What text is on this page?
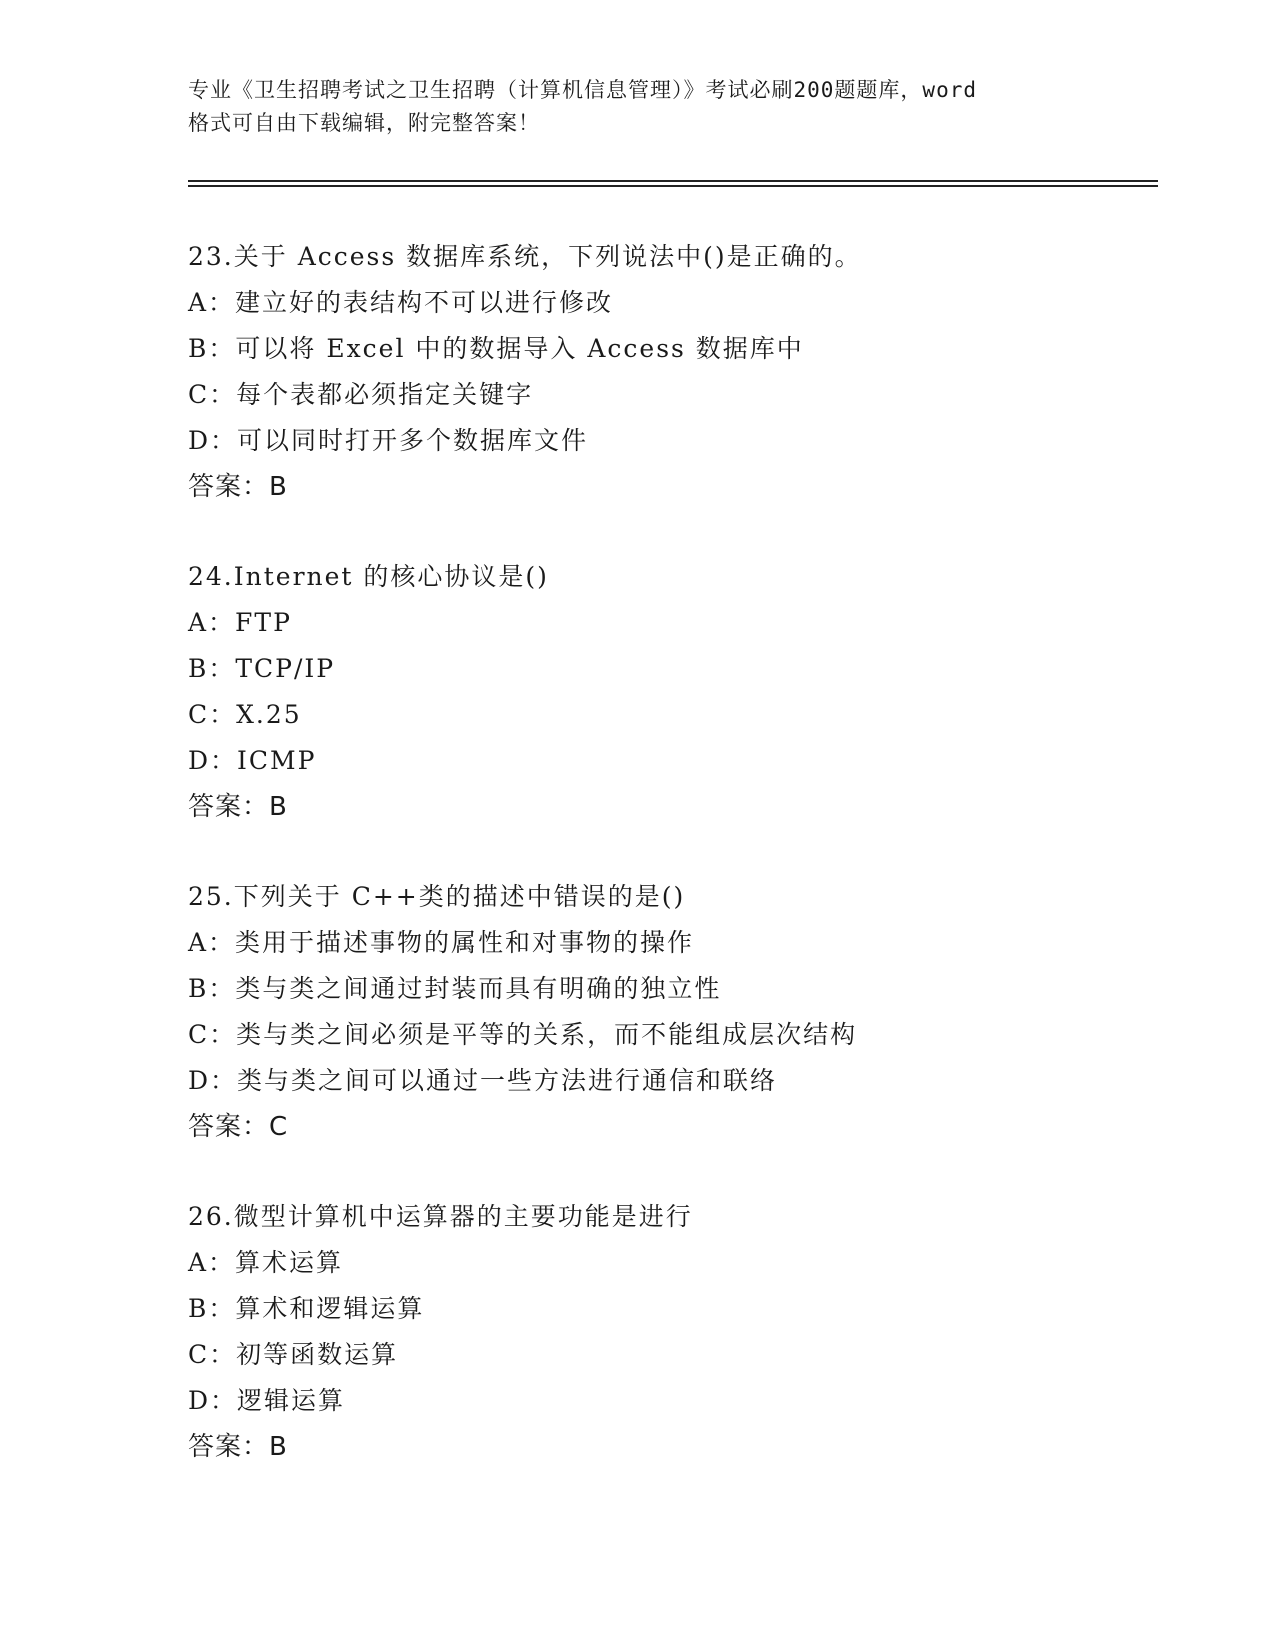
专业《卫生招聘考试之卫生招聘（计算机信息管理）》考试必刷200题题库，word
格式可自由下载编辑，附完整答案！
23.关于 Access 数据库系统，下列说法中()是正确的。
A：建立好的表结构不可以进行修改
B：可以将 Excel 中的数据导入 Access 数据库中
C：每个表都必须指定关键字
D：可以同时打开多个数据库文件
答案：B
24.Internet 的核心协议是()
A：FTP
B：TCP/IP
C：X.25
D：ICMP
答案：B
25.下列关于 C++类的描述中错误的是()
A：类用于描述事物的属性和对事物的操作
B：类与类之间通过封装而具有明确的独立性
C：类与类之间必须是平等的关系，而不能组成层次结构
D：类与类之间可以通过一些方法进行通信和联络
答案：C
26.微型计算机中运算器的主要功能是进行
A：算术运算
B：算术和逻辑运算
C：初等函数运算
D：逻辑运算
答案：B
